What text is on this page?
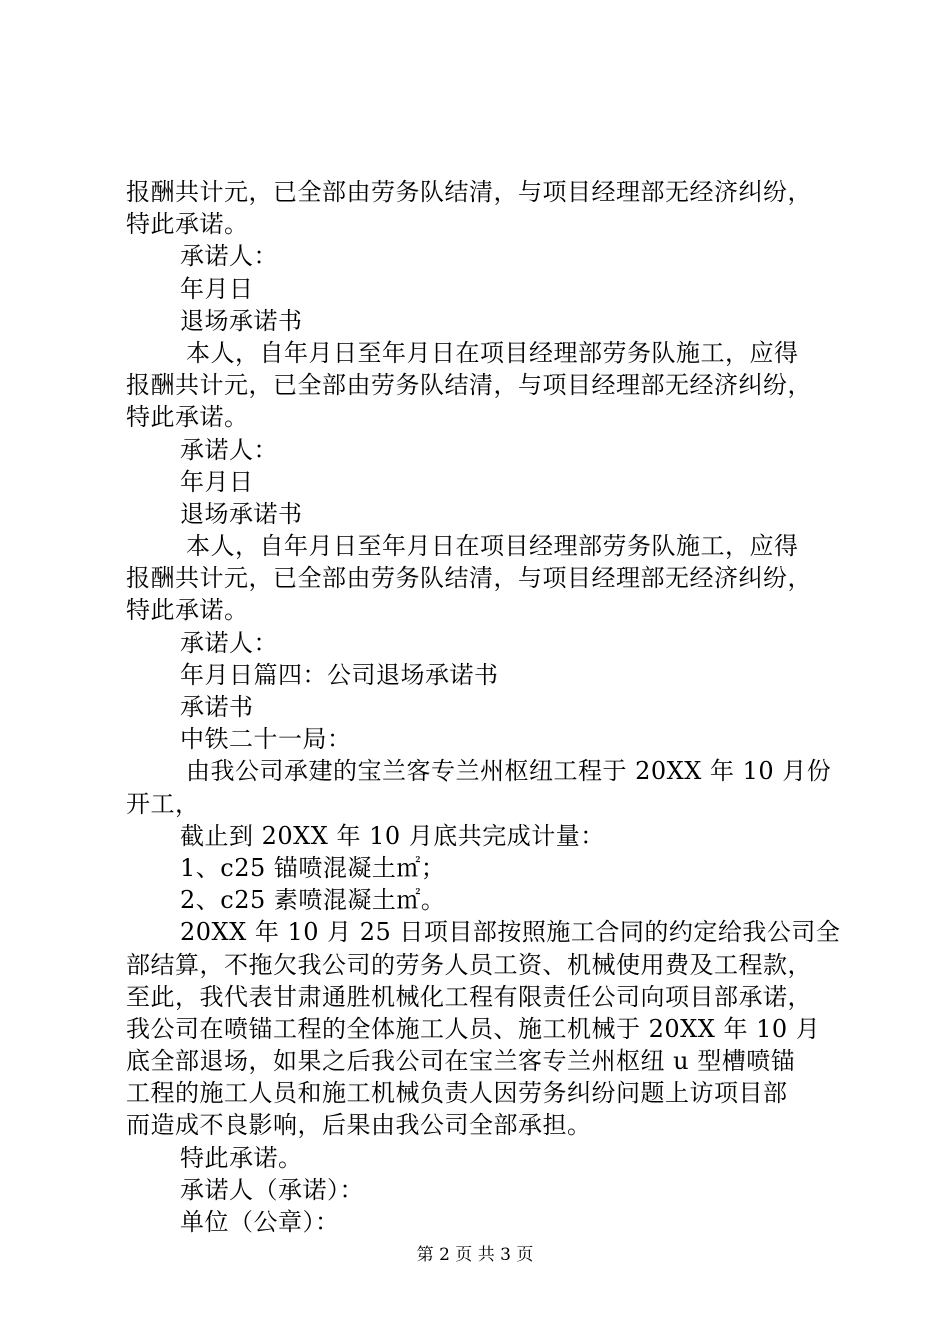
报酬共计元，已全部由劳务队结清，与项目经理部无经济纠纷，
特此承诺。
承诺人：
年月日
退场承诺书
本人，自年月日至年月日在项目经理部劳务队施工，应得
报酬共计元，已全部由劳务队结清，与项目经理部无经济纠纷，
特此承诺。
承诺人：
年月日
退场承诺书
本人，自年月日至年月日在项目经理部劳务队施工，应得
报酬共计元，已全部由劳务队结清，与项目经理部无经济纠纷，
特此承诺。
承诺人：
年月日篇四：公司退场承诺书
承诺书
中铁二十一局：
由我公司承建的宝兰客专兰州枢纽工程于 20XX 年 10 月份
开工，
截止到 20XX 年 10 月底共完成计量：
1、c25 锚喷混凝土㎡；
2、c25 素喷混凝土㎡。
20XX 年 10 月 25 日项目部按照施工合同的约定给我公司全
部结算，不拖欠我公司的劳务人员工资、机械使用费及工程款，
至此，我代表甘肃通胜机械化工程有限责任公司向项目部承诺，
我公司在喷锚工程的全体施工人员、施工机械于 20XX 年 10 月
底全部退场，如果之后我公司在宝兰客专兰州枢纽 u 型槽喷锚
工程的施工人员和施工机械负责人因劳务纠纷问题上访项目部
而造成不良影响，后果由我公司全部承担。
特此承诺。
承诺人（承诺）：
单位（公章）：
第 2 页 共 3 页
